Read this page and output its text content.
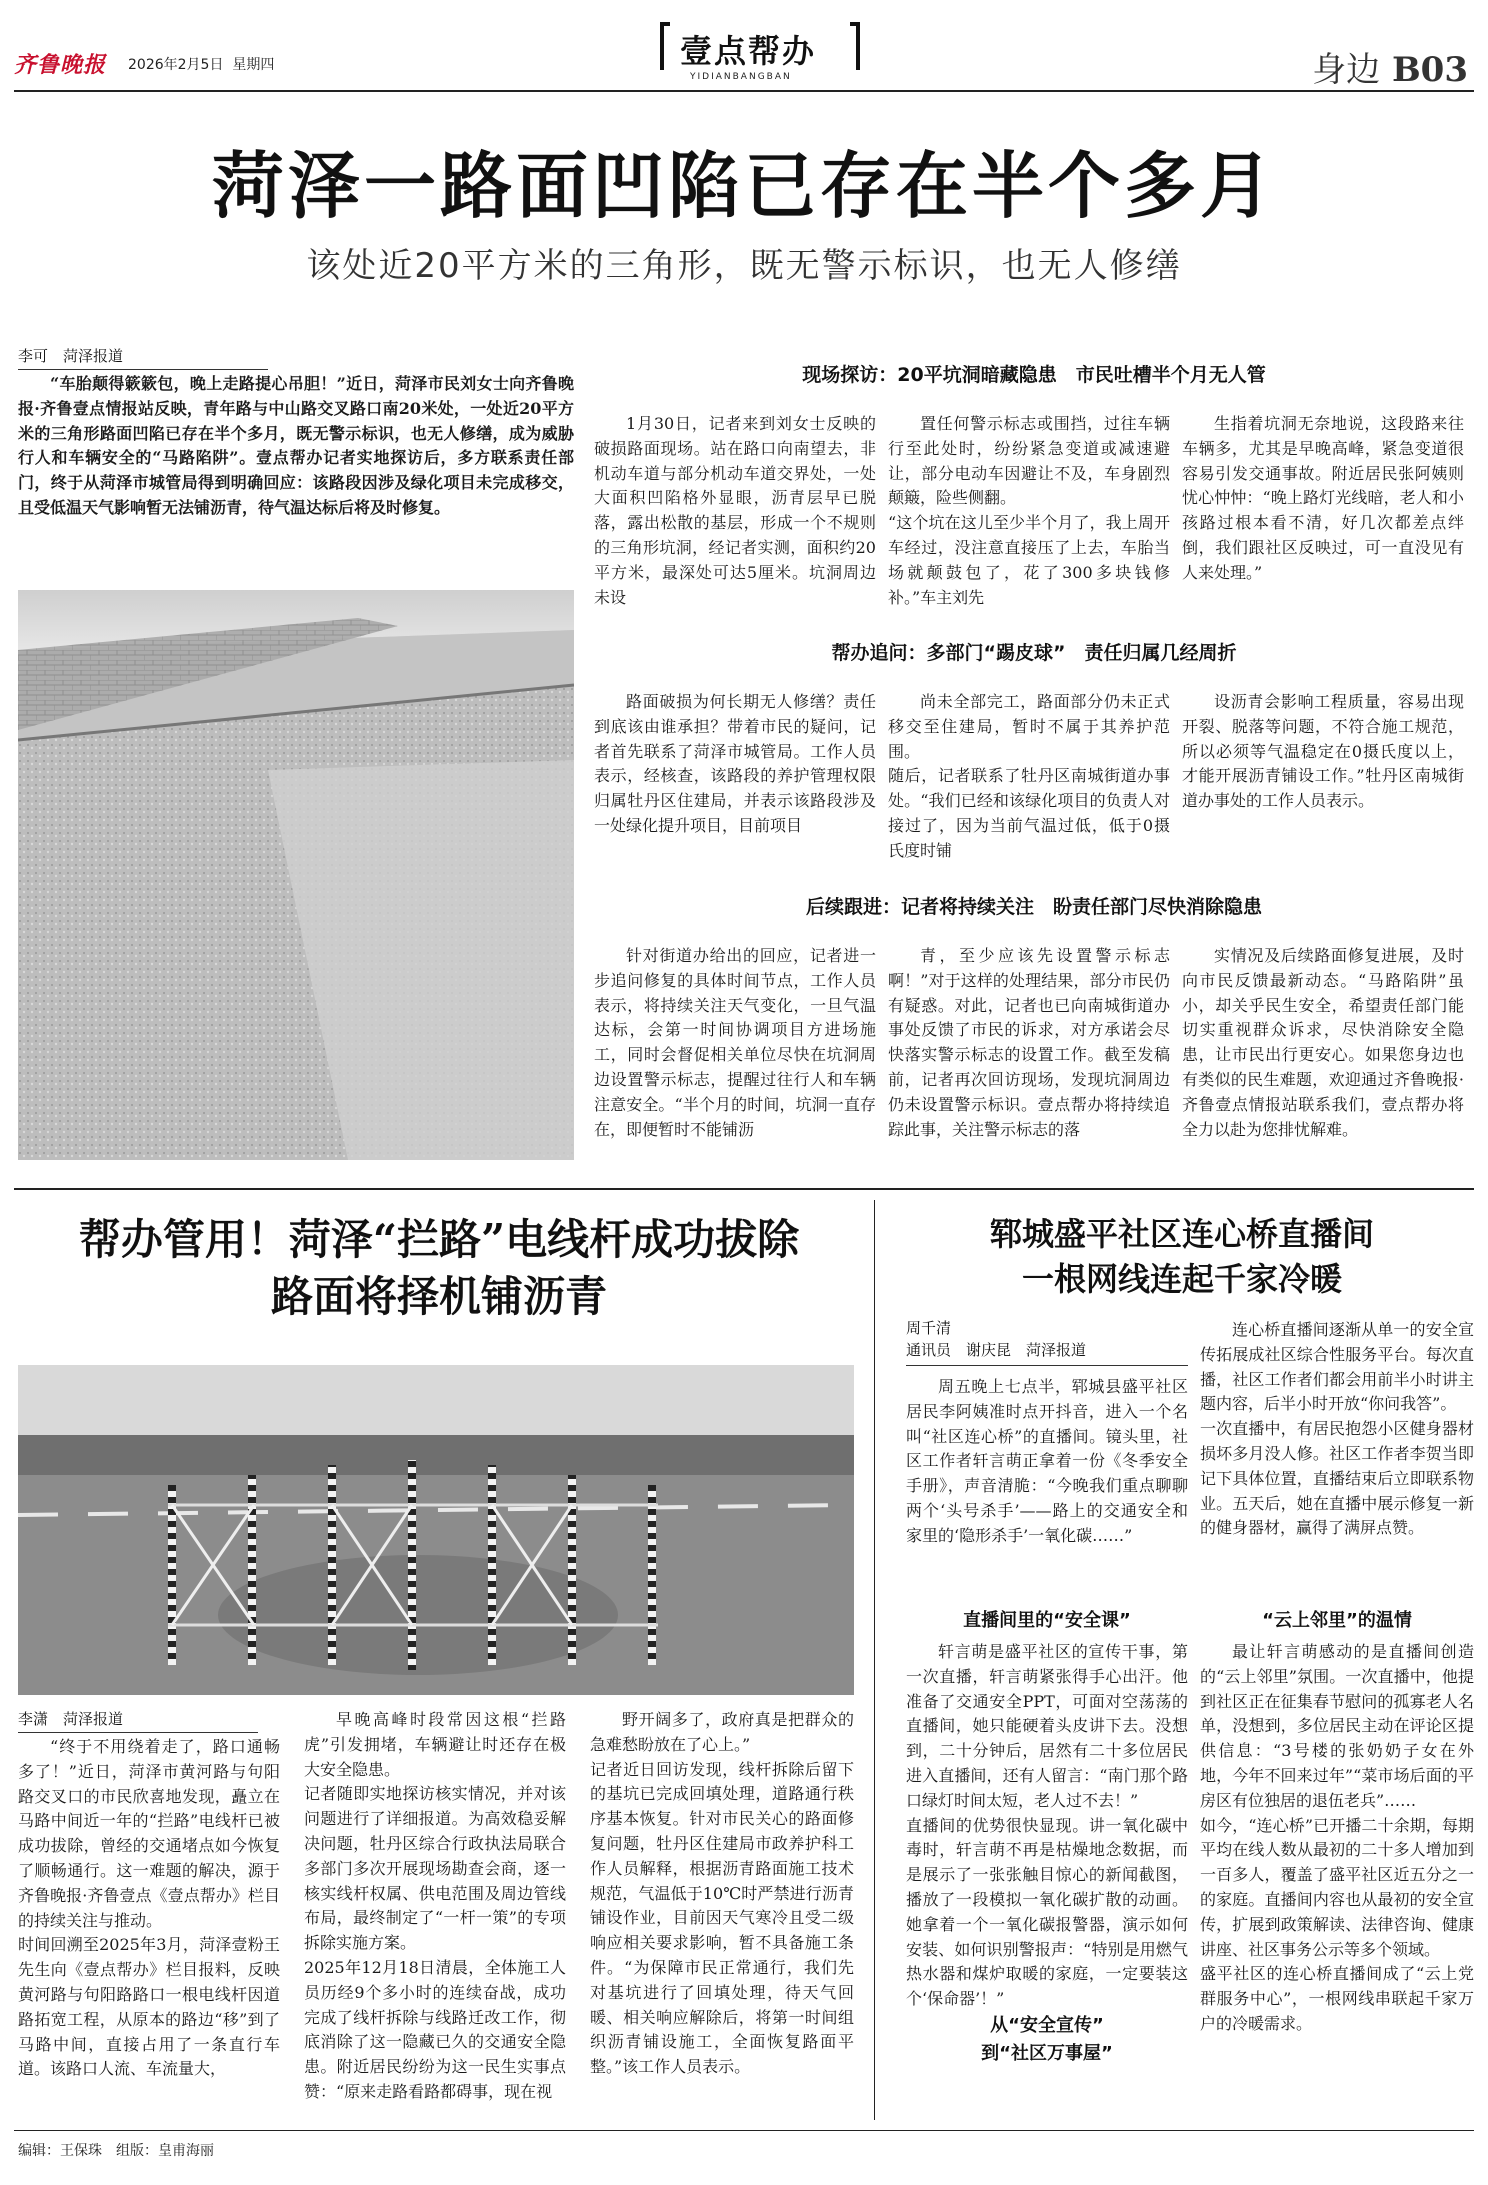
齐鲁晚报 2026年2月5日 星期四	壹点帮办
YIDIANBANGBAN	身边 B03
菏泽一路面凹陷已存在半个多月
该处近20平方米的三角形，既无警示标识，也无人修缮
李可　菏泽报道

“车胎颠得簌簌包，晚上走路提心吊胆！”近日，菏泽市民刘女士向齐鲁晚报·齐鲁壹点情报站反映，青年路与中山路交叉路口南20米处，一处近20平方米的三角形路面凹陷已存在半个多月，既无警示标识，也无人修缮，成为威胁行人和车辆安全的“马路陷阱”。壹点帮办记者实地探访后，多方联系责任部门，终于从菏泽市城管局得到明确回应：该路段因涉及绿化项目未完成移交，且受低温天气影响暂无法铺沥青，待气温达标后将及时修复。

现场探访：20平坑洞暗藏隐患　市民吐槽半个月无人管

1月30日，记者来到刘女士反映的破损路面现场。站在路口向南望去，非机动车道与部分机动车道交界处，一处大面积凹陷格外显眼，沥青层早已脱落，露出松散的基层，形成一个不规则的三角形坑洞，经记者实测，面积约20平方米，最深处可达5厘米。坑洞周边未设

置任何警示标志或围挡，过往车辆行至此处时，纷纷紧急变道或减速避让，部分电动车因避让不及，车身剧烈颠簸，险些侧翻。
“这个坑在这儿至少半个月了，我上周开车经过，没注意直接压了上去，车胎当场就颠鼓包了，花了300多块钱修补。”车主刘先

生指着坑洞无奈地说，这段路来往车辆多，尤其是早晚高峰，紧急变道很容易引发交通事故。附近居民张阿姨则忧心忡忡：“晚上路灯光线暗，老人和小孩路过根本看不清，好几次都差点绊倒，我们跟社区反映过，可一直没见有人来处理。”

帮办追问：多部门“踢皮球”　责任归属几经周折

路面破损为何长期无人修缮？责任到底该由谁承担？带着市民的疑问，记者首先联系了菏泽市城管局。工作人员表示，经核查，该路段的养护管理权限归属牡丹区住建局，并表示该路段涉及一处绿化提升项目，目前项目

尚未全部完工，路面部分仍未正式移交至住建局，暂时不属于其养护范围。
随后，记者联系了牡丹区南城街道办事处。“我们已经和该绿化项目的负责人对接过了，因为当前气温过低，低于0摄氏度时铺

设沥青会影响工程质量，容易出现开裂、脱落等问题，不符合施工规范，所以必须等气温稳定在0摄氏度以上，才能开展沥青铺设工作。”牡丹区南城街道办事处的工作人员表示。

后续跟进：记者将持续关注　盼责任部门尽快消除隐患

针对街道办给出的回应，记者进一步追问修复的具体时间节点，工作人员表示，将持续关注天气变化，一旦气温达标，会第一时间协调项目方进场施工，同时会督促相关单位尽快在坑洞周边设置警示标志，提醒过往行人和车辆注意安全。“半个月的时间，坑洞一直存在，即便暂时不能铺沥

青，至少应该先设置警示标志啊！”对于这样的处理结果，部分市民仍有疑惑。对此，记者也已向南城街道办事处反馈了市民的诉求，对方承诺会尽快落实警示标志的设置工作。截至发稿前，记者再次回访现场，发现坑洞周边仍未设置警示标识。壹点帮办将持续追踪此事，关注警示标志的落

实情况及后续路面修复进展，及时向市民反馈最新动态。“马路陷阱”虽小，却关乎民生安全，希望责任部门能切实重视群众诉求，尽快消除安全隐患，让市民出行更安心。如果您身边也有类似的民生难题，欢迎通过齐鲁晚报·齐鲁壹点情报站联系我们，壹点帮办将全力以赴为您排忧解难。

帮办管用！菏泽“拦路”电线杆成功拔除
路面将择机铺沥青
李潇　菏泽报道

“终于不用绕着走了，路口通畅多了！”近日，菏泽市黄河路与句阳路交叉口的市民欣喜地发现，矗立在马路中间近一年的“拦路”电线杆已被成功拔除，曾经的交通堵点如今恢复了顺畅通行。这一难题的解决，源于齐鲁晚报·齐鲁壹点《壹点帮办》栏目的持续关注与推动。
时间回溯至2025年3月，菏泽壹粉王先生向《壹点帮办》栏目报料，反映黄河路与句阳路路口一根电线杆因道路拓宽工程，从原本的路边“移”到了马路中间，直接占用了一条直行车道。该路口人流、车流量大，

早晚高峰时段常因这根“拦路虎”引发拥堵，车辆避让时还存在极大安全隐患。
记者随即实地探访核实情况，并对该问题进行了详细报道。为高效稳妥解决问题，牡丹区综合行政执法局联合多部门多次开展现场勘查会商，逐一核实线杆权属、供电范围及周边管线布局，最终制定了“一杆一策”的专项拆除实施方案。
2025年12月18日清晨，全体施工人员历经9个多小时的连续奋战，成功完成了线杆拆除与线路迁改工作，彻底消除了这一隐藏已久的交通安全隐患。附近居民纷纷为这一民生实事点赞：“原来走路看路都碍事，现在视

野开阔多了，政府真是把群众的急难愁盼放在了心上。”
记者近日回访发现，线杆拆除后留下的基坑已完成回填处理，道路通行秩序基本恢复。针对市民关心的路面修复问题，牡丹区住建局市政养护科工作人员解释，根据沥青路面施工技术规范，气温低于10℃时严禁进行沥青铺设作业，目前因天气寒冷且受二级响应相关要求影响，暂不具备施工条件。“为保障市民正常通行，我们先对基坑进行了回填处理，待天气回暖、相关响应解除后，将第一时间组织沥青铺设施工，全面恢复路面平整。”该工作人员表示。

郓城盛平社区连心桥直播间
一根网线连起千家冷暖
周千清
通讯员　谢庆昆　菏泽报道

周五晚上七点半，郓城县盛平社区居民李阿姨准时点开抖音，进入一个名叫“社区连心桥”的直播间。镜头里，社区工作者轩言萌正拿着一份《冬季安全手册》，声音清脆：“今晚我们重点聊聊两个‘头号杀手’——路上的交通安全和家里的‘隐形杀手’一氧化碳……”

直播间里的“安全课”

轩言萌是盛平社区的宣传干事，第一次直播，轩言萌紧张得手心出汗。他准备了交通安全PPT，可面对空荡荡的直播间，她只能硬着头皮讲下去。没想到，二十分钟后，居然有二十多位居民进入直播间，还有人留言：“南门那个路口绿灯时间太短，老人过不去！”
直播间的优势很快显现。讲一氧化碳中毒时，轩言萌不再是枯燥地念数据，而是展示了一张张触目惊心的新闻截图，播放了一段模拟一氧化碳扩散的动画。她拿着一个一氧化碳报警器，演示如何安装、如何识别警报声：“特别是用燃气热水器和煤炉取暖的家庭，一定要装这个‘保命器’！”

从“安全宣传”
到“社区万事屋”

连心桥直播间逐渐从单一的安全宣传拓展成社区综合性服务平台。每次直播，社区工作者们都会用前半小时讲主题内容，后半小时开放“你问我答”。
一次直播中，有居民抱怨小区健身器材损坏多月没人修。社区工作者李贺当即记下具体位置，直播结束后立即联系物业。五天后，她在直播中展示修复一新的健身器材，赢得了满屏点赞。

“云上邻里”的温情

最让轩言萌感动的是直播间创造的“云上邻里”氛围。一次直播中，他提到社区正在征集春节慰问的孤寡老人名单，没想到，多位居民主动在评论区提供信息：“3号楼的张奶奶子女在外地，今年不回来过年”“菜市场后面的平房区有位独居的退伍老兵”……
如今，“连心桥”已开播二十余期，每期平均在线人数从最初的二十多人增加到一百多人，覆盖了盛平社区近五分之一的家庭。直播间内容也从最初的安全宣传，扩展到政策解读、法律咨询、健康讲座、社区事务公示等多个领域。
盛平社区的连心桥直播间成了“云上党群服务中心”，一根网线串联起千家万户的冷暖需求。

编辑：王保珠　组版：皇甫海丽
